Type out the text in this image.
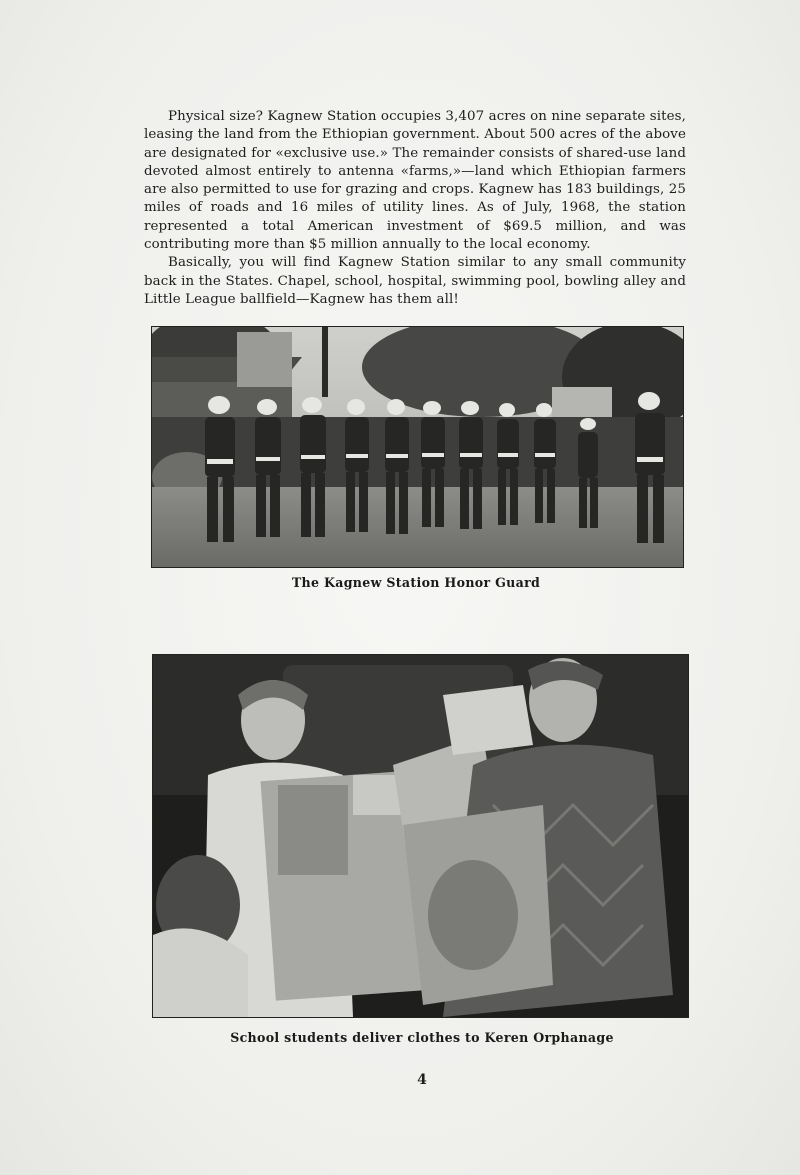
Physical size? Kagnew Station occupies 3,407 acres on nine separate sites, leasing the land from the Ethiopian government. About 500 acres of the above are designated for «exclusive use.» The remainder consists of shared-use land devoted almost entirely to antenna «farms,»—land which Ethiopian farmers are also permitted to use for grazing and crops. Kagnew has 183 buildings, 25 miles of roads and 16 miles of utility lines. As of July, 1968, the station represented a total American investment of $69.5 million, and was contributing more than $5 million annually to the local economy.

Basically, you will find Kagnew Station similar to any small community back in the States. Chapel, school, hospital, swimming pool, bowling alley and Little League ballfield—Kagnew has them all!

The Kagnew Station Honor Guard
School students deliver clothes to Keren Orphanage
4
